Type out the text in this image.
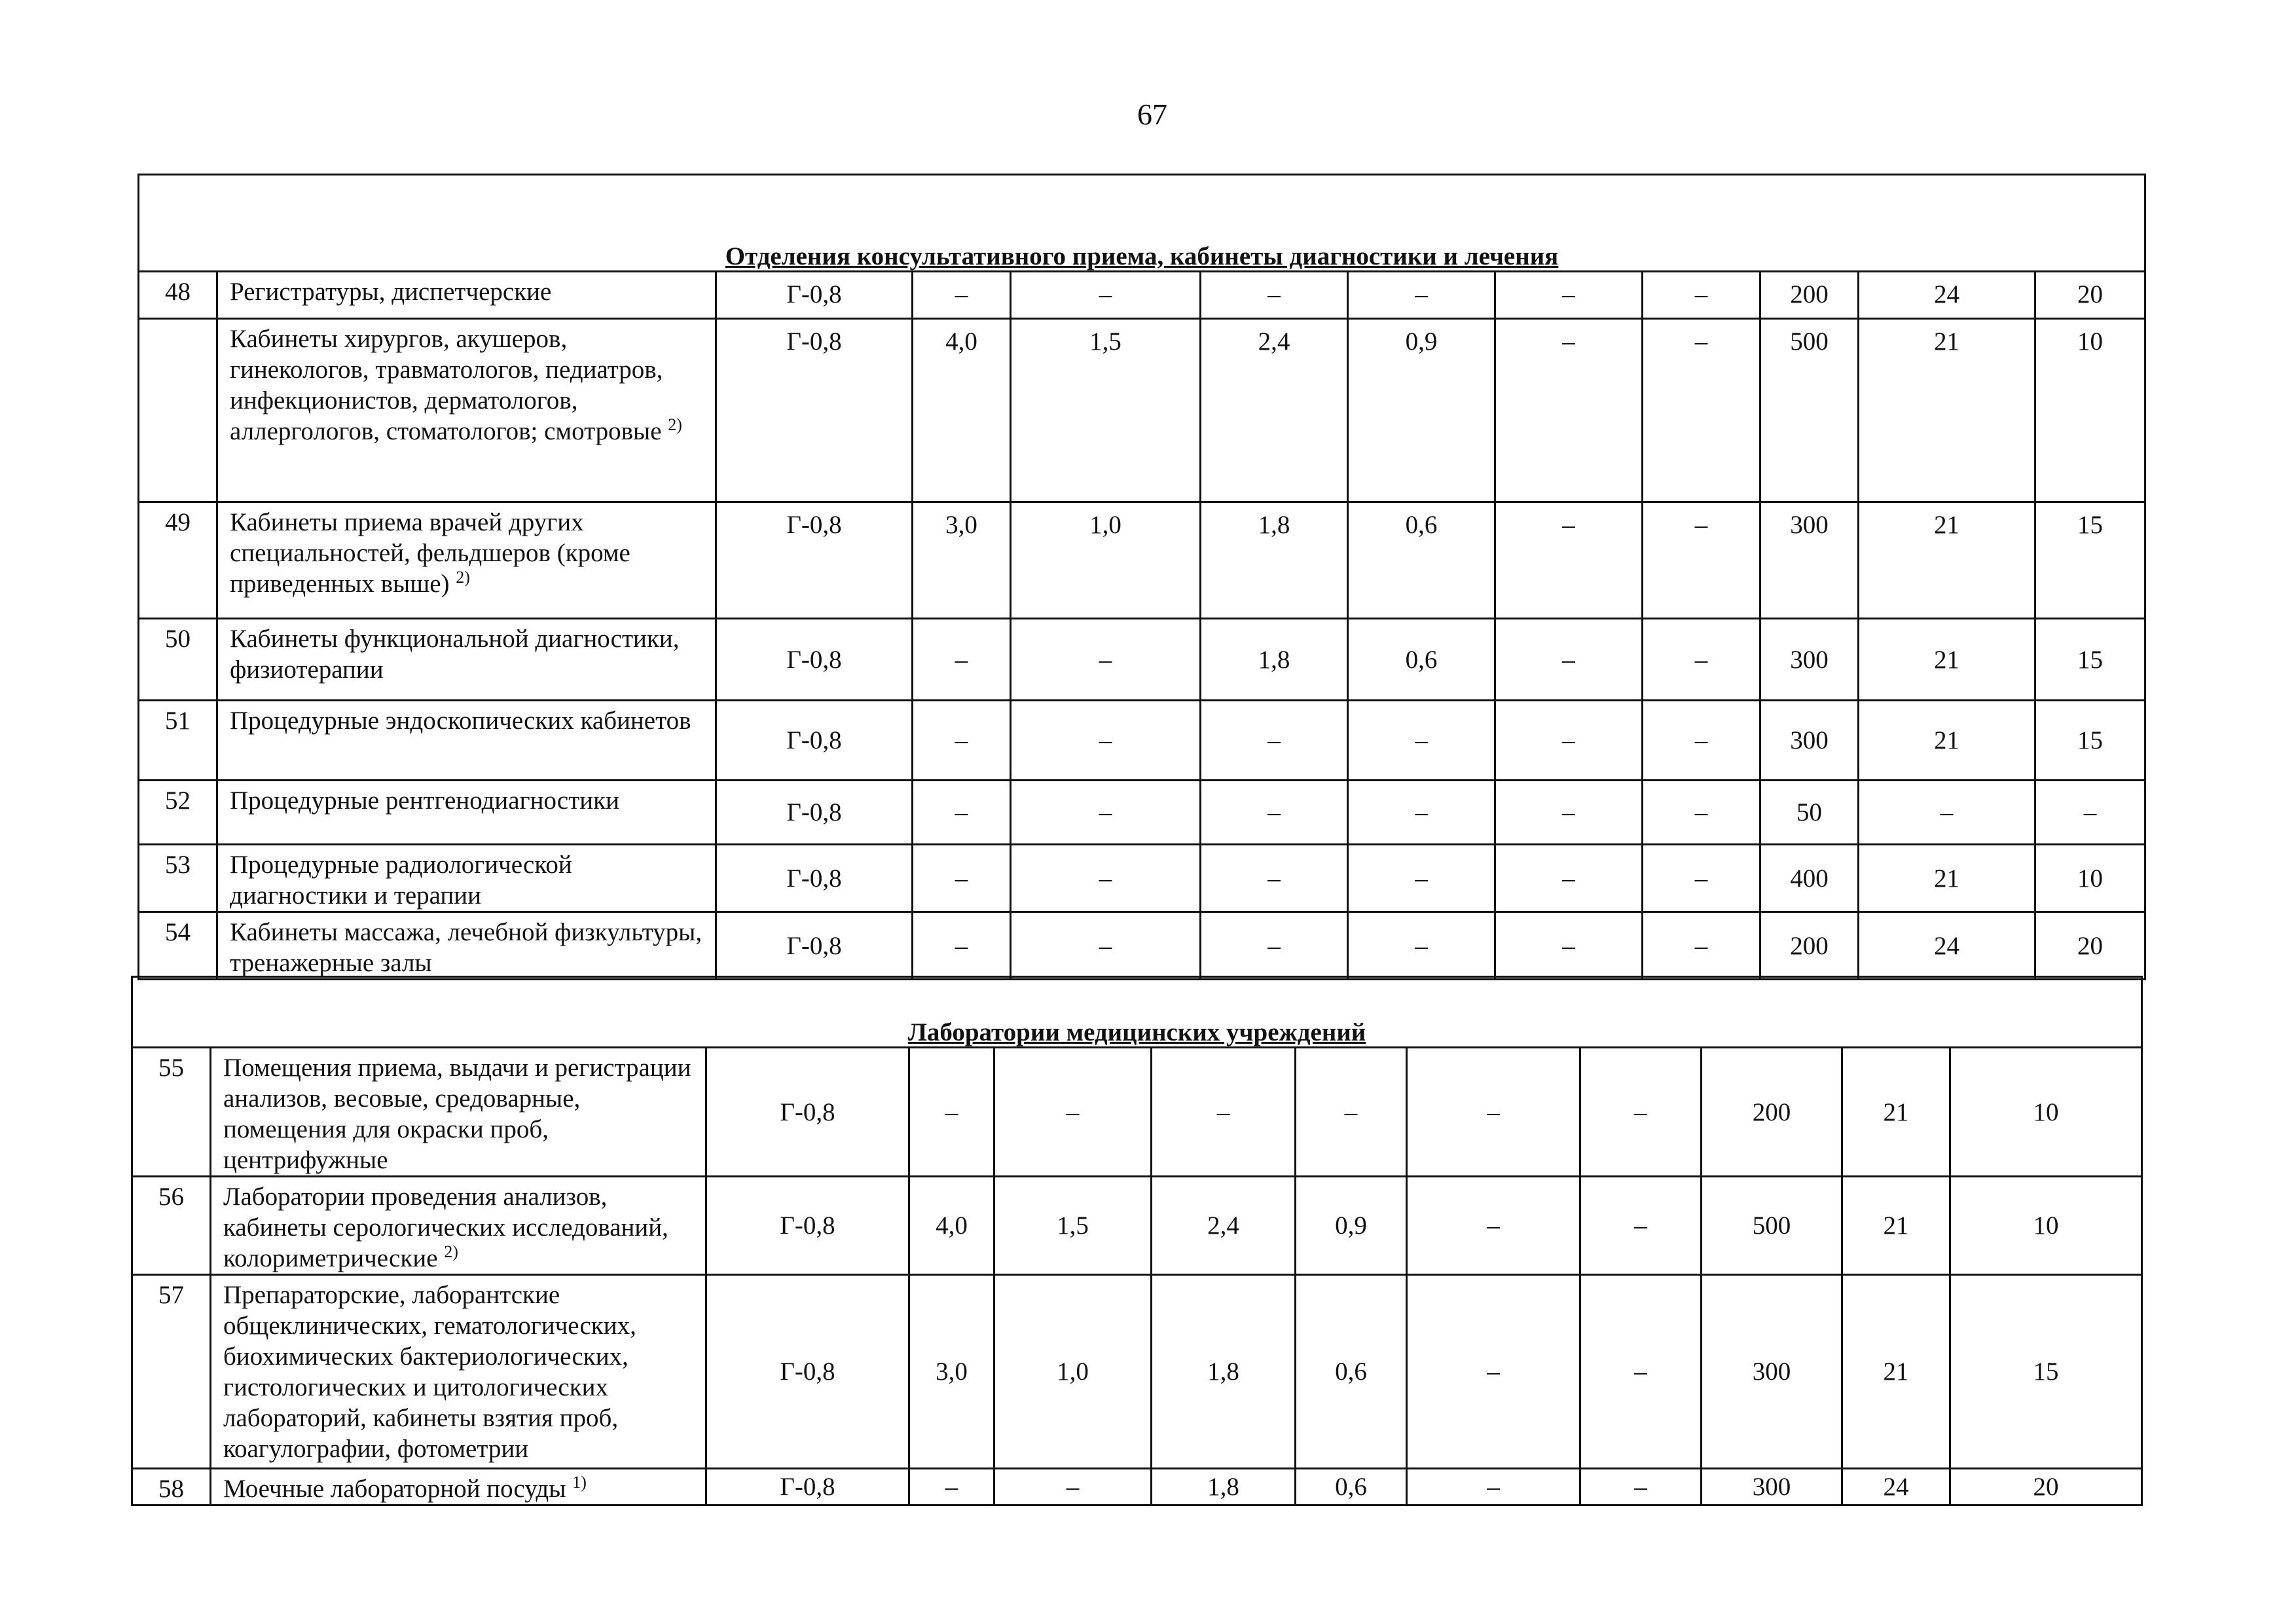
67
Отделения консультативного приема, кабинеты диагностики и лечения											

48	Регистратуры, диспетчерские	Г-0,8	–	–	–	–	–	–	200	24	20
	Кабинеты хирургов, акушеров, гинекологов, травматологов, педиатров, инфекционистов, дерматологов, аллергологов, стоматологов; смотровые $^{2)}$	Г-0,8	4,0	1,5	2,4	0,9	–	–	500	21	10
49	Кабинеты приема врачей других специальностей, фельдшеров (кроме приведенных выше) $^{2)}$	Г-0,8	3,0	1,0	1,8	0,6	–	–	300	21	15
50	Кабинеты функциональной диагностики, физиотерапии	Г-0,8	–	–	1,8	0,6	–	–	300	21	15
51	Процедурные эндоскопических кабинетов	Г-0,8	–	–	–	–	–	–	300	21	15
52	Процедурные рентгенодиагностики	Г-0,8	–	–	–	–	–	–	50	–	–
53	Процедурные радиологической диагностики и терапии	Г-0,8	–	–	–	–	–	–	400	21	10
54	Кабинеты массажа, лечебной физкультуры, тренажерные залы	Г-0,8	–	–	–	–	–	–	200	24	20
Лаборатории медицинских учреждений											

55	Помещения приема, выдачи и регистрации анализов, весовые, средоварные, помещения для окраски проб, центрифужные	Г-0,8	–	–	–	–	–	–	200	21	10
56	Лаборатории проведения анализов, кабинеты серологических исследований, колориметрические $^{2)}$	Г-0,8	4,0	1,5	2,4	0,9	–	–	500	21	10
57	Препараторские, лаборантские общеклинических, гематологических, биохимических бактериологических, гистологических и цитологических лабораторий, кабинеты взятия проб, коагулографии, фотометрии	Г-0,8	3,0	1,0	1,8	0,6	–	–	300	21	15
58	Моечные лабораторной посуды $^{1)}$	Г-0,8	–	–	1,8	0,6	–	–	300	24	20
